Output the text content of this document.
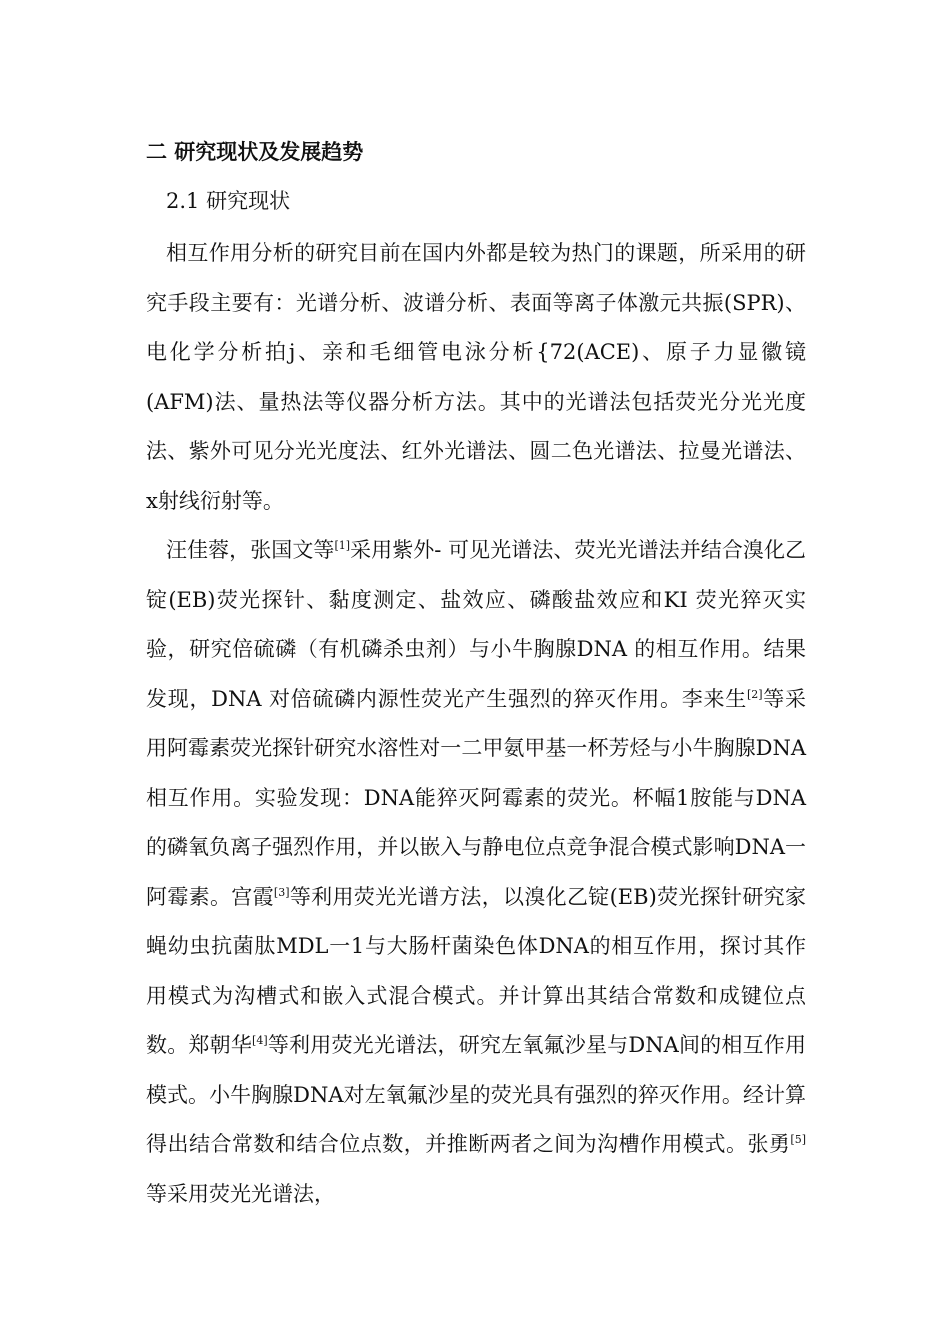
二 研究现状及发展趋势
2.1 研究现状

相互作用分析的研究目前在国内外都是较为热门的课题，所采用的研究手段主要有：光谱分析、波谱分析、表面等离子体激元共振(SPR)、电化学分析拍j、亲和毛细管电泳分析{72(ACE)、原子力显徽镜(AFM)法、量热法等仪器分析方法。其中的光谱法包括荧光分光光度法、紫外可见分光光度法、红外光谱法、圆二色光谱法、拉曼光谱法、x射线衍射等。

汪佳蓉，张国文等[1]采用紫外- 可见光谱法、荧光光谱法并结合溴化乙锭(EB)荧光探针、黏度测定、盐效应、磷酸盐效应和KI 荧光猝灭实验，研究倍硫磷（有机磷杀虫剂）与小牛胸腺DNA 的相互作用。结果发现，DNA 对倍硫磷内源性荧光产生强烈的猝灭作用。李来生[2]等采用阿霉素荧光探针研究水溶性对一二甲氨甲基一杯芳烃与小牛胸腺DNA相互作用。实验发现：DNA能猝灭阿霉素的荧光。杯幅1胺能与DNA的磷氧负离子强烈作用，并以嵌入与静电位点竞争混合模式影响DNA一阿霉素。宫霞[3]等利用荧光光谱方法，以溴化乙锭(EB)荧光探针研究家蝇幼虫抗菌肽MDL一1与大肠杆菌染色体DNA的相互作用，探讨其作用模式为沟槽式和嵌入式混合模式。并计算出其结合常数和成键位点数。郑朝华[4]等利用荧光光谱法，研究左氧氟沙星与DNA间的相互作用模式。小牛胸腺DNA对左氧氟沙星的荧光具有强烈的猝灭作用。经计算得出结合常数和结合位点数，并推断两者之间为沟槽作用模式。张勇[5]等采用荧光光谱法，
